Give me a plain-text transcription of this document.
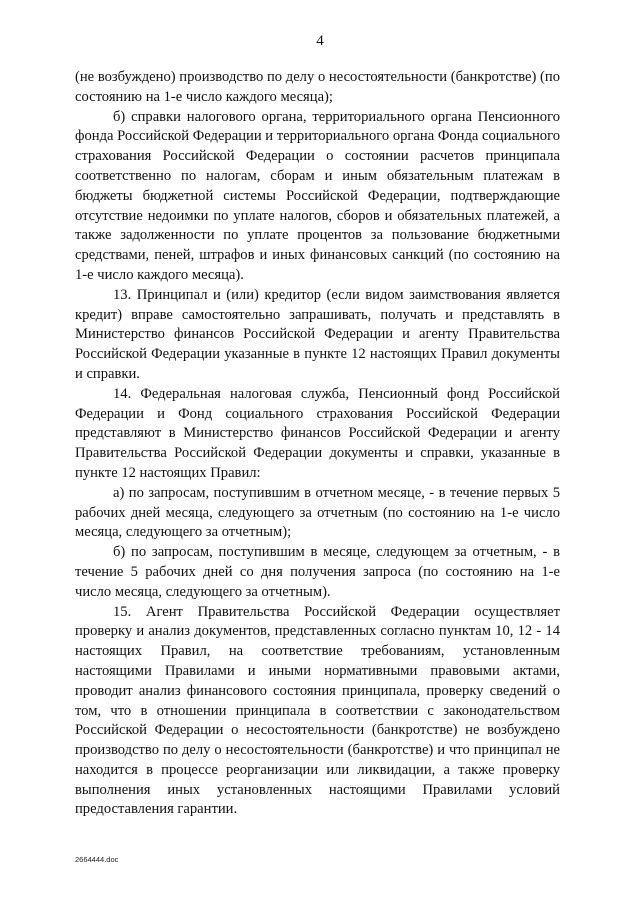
4

(не возбуждено) производство по делу о несостоятельности (банкротстве) (по состоянию на 1-е число каждого месяца);

б) справки налогового органа, территориального органа Пенсионного фонда Российской Федерации и территориального органа Фонда социального страхования Российской Федерации о состоянии расчетов принципала соответственно по налогам, сборам и иным обязательным платежам в бюджеты бюджетной системы Российской Федерации, подтверждающие отсутствие недоимки по уплате налогов, сборов и обязательных платежей, а также задолженности по уплате процентов за пользование бюджетными средствами, пеней, штрафов и иных финансовых санкций (по состоянию на 1-е число каждого месяца).

13. Принципал и (или) кредитор (если видом заимствования является кредит) вправе самостоятельно запрашивать, получать и представлять в Министерство финансов Российской Федерации и агенту Правительства Российской Федерации указанные в пункте 12 настоящих Правил документы и справки.

14. Федеральная налоговая служба, Пенсионный фонд Российской Федерации и Фонд социального страхования Российской Федерации представляют в Министерство финансов Российской Федерации и агенту Правительства Российской Федерации документы и справки, указанные в пункте 12 настоящих Правил:

а) по запросам, поступившим в отчетном месяце, - в течение первых 5 рабочих дней месяца, следующего за отчетным (по состоянию на 1-е число месяца, следующего за отчетным);

б) по запросам, поступившим в месяце, следующем за отчетным, - в течение 5 рабочих дней со дня получения запроса (по состоянию на 1-е число месяца, следующего за отчетным).

15. Агент Правительства Российской Федерации осуществляет проверку и анализ документов, представленных согласно пунктам 10, 12 - 14 настоящих Правил, на соответствие требованиям, установленным настоящими Правилами и иными нормативными правовыми актами, проводит анализ финансового состояния принципала, проверку сведений о том, что в отношении принципала в соответствии с законодательством Российской Федерации о несостоятельности (банкротстве) не возбуждено производство по делу о несостоятельности (банкротстве) и что принципал не находится в процессе реорганизации или ликвидации, а также проверку выполнения иных установленных настоящими Правилами условий предоставления гарантии.

2664444.doc
